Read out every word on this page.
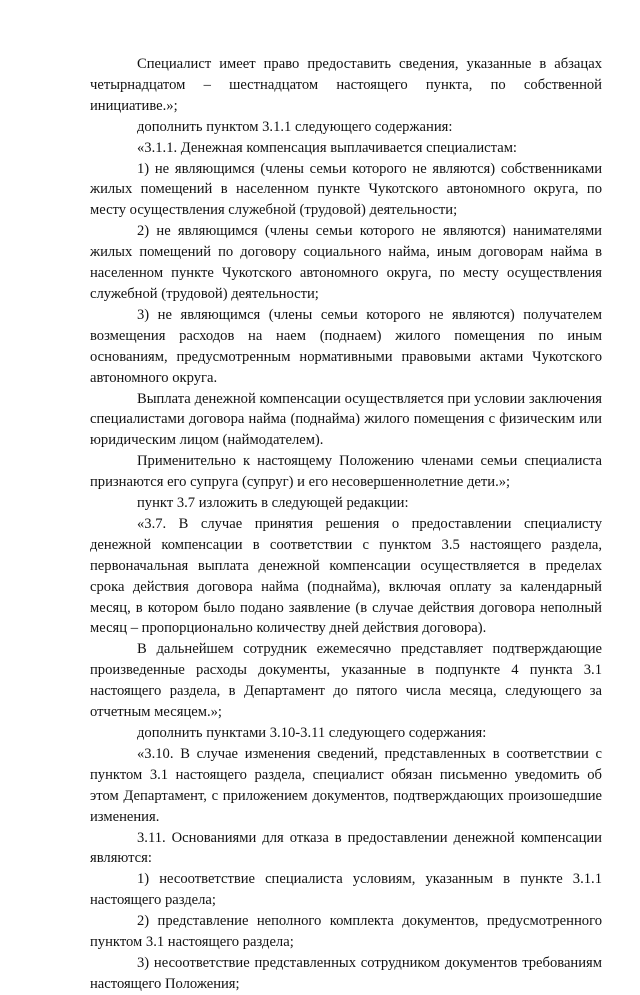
Специалист имеет право предоставить сведения, указанные в абзацах четырнадцатом – шестнадцатом настоящего пункта, по собственной инициативе.»;

дополнить пунктом 3.1.1 следующего содержания:

«3.1.1. Денежная компенсация выплачивается специалистам:

1) не являющимся (члены семьи которого не являются) собственниками жилых помещений в населенном пункте Чукотского автономного округа, по месту осуществления служебной (трудовой) деятельности;

2) не являющимся (члены семьи которого не являются) нанимателями жилых помещений по договору социального найма, иным договорам найма в населенном пункте Чукотского автономного округа, по месту осуществления служебной (трудовой) деятельности;

3) не являющимся (члены семьи которого не являются) получателем возмещения расходов на наем (поднаем) жилого помещения по иным основаниям, предусмотренным нормативными правовыми актами Чукотского автономного округа.

Выплата денежной компенсации осуществляется при условии заключения специалистами договора найма (поднайма) жилого помещения с физическим или юридическим лицом (наймодателем).

Применительно к настоящему Положению членами семьи специалиста признаются его супруга (супруг) и его несовершеннолетние дети.»;

пункт 3.7 изложить в следующей редакции:

«3.7. В случае принятия решения о предоставлении специалисту денежной компенсации в соответствии с пунктом 3.5 настоящего раздела, первоначальная выплата денежной компенсации осуществляется в пределах срока действия договора найма (поднайма), включая оплату за календарный месяц, в котором было подано заявление (в случае действия договора неполный месяц – пропорционально количеству дней действия договора).

В дальнейшем сотрудник ежемесячно представляет подтверждающие произведенные расходы документы, указанные в подпункте 4 пункта 3.1 настоящего раздела, в Департамент до пятого числа месяца, следующего за отчетным месяцем.»;

дополнить пунктами 3.10-3.11 следующего содержания:

«3.10. В случае изменения сведений, представленных в соответствии с пунктом 3.1 настоящего раздела, специалист обязан письменно уведомить об этом Департамент, с приложением документов, подтверждающих произошедшие изменения.

3.11. Основаниями для отказа в предоставлении денежной компенсации являются:

1) несоответствие специалиста условиям, указанным в пункте 3.1.1 настоящего раздела;

2) представление неполного комплекта документов, предусмотренного пунктом 3.1 настоящего раздела;

3) несоответствие представленных сотрудником документов требованиям настоящего Положения;
